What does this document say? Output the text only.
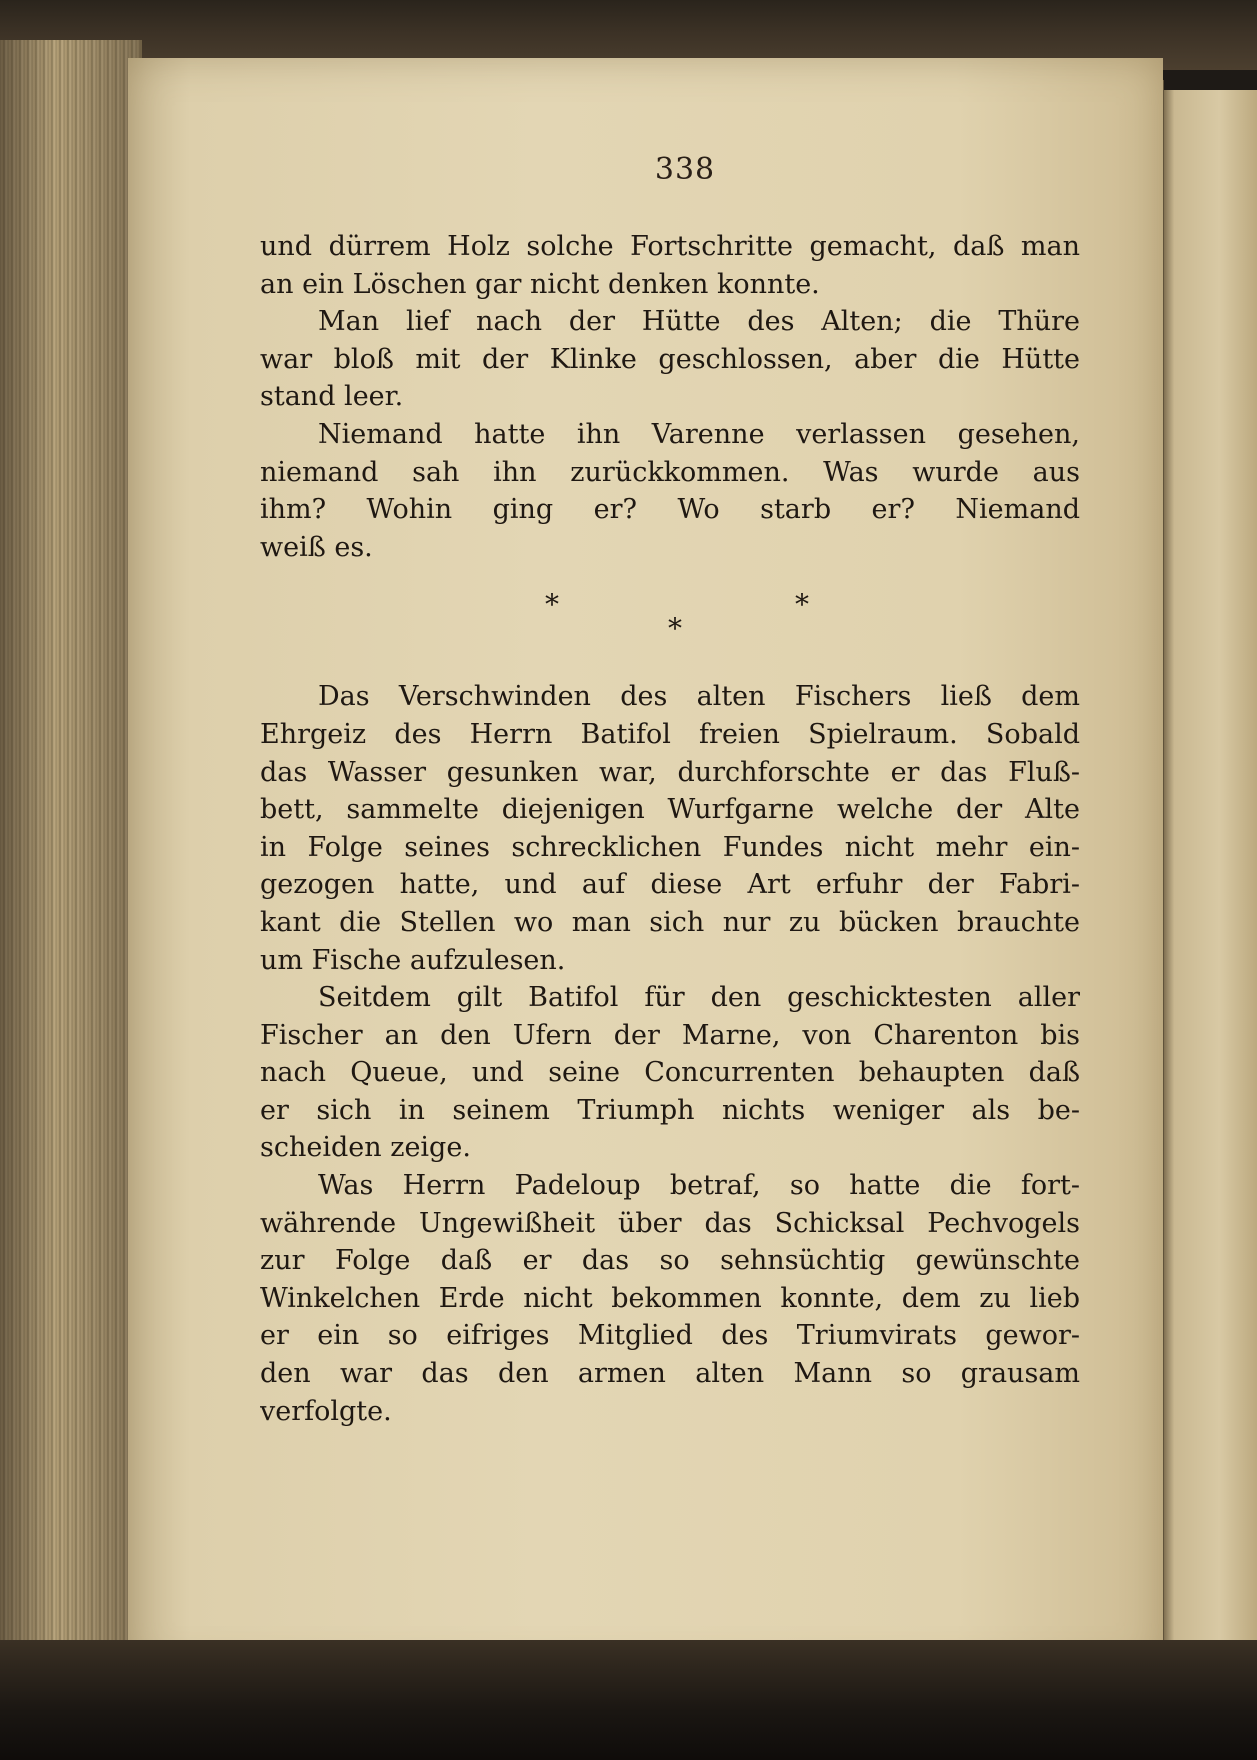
338
und dürrem Holz solche Fortschritte gemacht, daß man
an ein Löschen gar nicht denken konnte.
Man lief nach der Hütte des Alten; die Thüre
war bloß mit der Klinke geschlossen, aber die Hütte
stand leer.
Niemand hatte ihn Varenne verlassen gesehen,
niemand sah ihn zurückkommen. Was wurde aus
ihm? Wohin ging er? Wo starb er? Niemand
weiß es.
*	*
*
Das Verschwinden des alten Fischers ließ dem
Ehrgeiz des Herrn Batifol freien Spielraum. Sobald
das Wasser gesunken war, durchforschte er das Fluß-
bett, sammelte diejenigen Wurfgarne welche der Alte
in Folge seines schrecklichen Fundes nicht mehr ein-
gezogen hatte, und auf diese Art erfuhr der Fabri-
kant die Stellen wo man sich nur zu bücken brauchte
um Fische aufzulesen.
Seitdem gilt Batifol für den geschicktesten aller
Fischer an den Ufern der Marne, von Charenton bis
nach Queue, und seine Concurrenten behaupten daß
er sich in seinem Triumph nichts weniger als be-
scheiden zeige.
Was Herrn Padeloup betraf, so hatte die fort-
währende Ungewißheit über das Schicksal Pechvogels
zur Folge daß er das so sehnsüchtig gewünschte
Winkelchen Erde nicht bekommen konnte, dem zu lieb
er ein so eifriges Mitglied des Triumvirats gewor-
den war das den armen alten Mann so grausam
verfolgte.
